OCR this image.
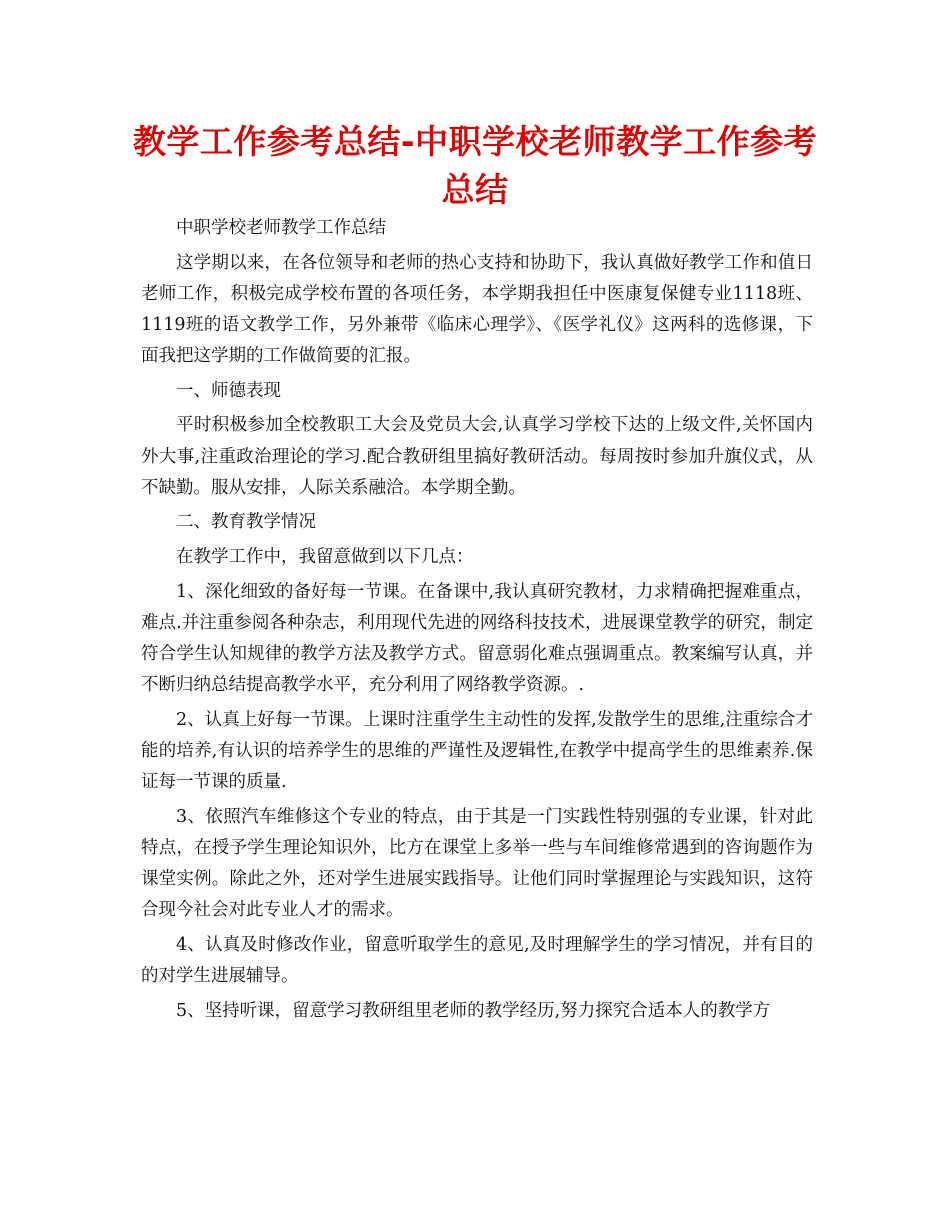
教学工作参考总结-中职学校老师教学工作参考总结

中职学校老师教学工作总结

这学期以来，在各位领导和老师的热心支持和协助下，我认真做好教学工作和值日老师工作，积极完成学校布置的各项任务，本学期我担任中医康复保健专业1118班、1119班的语文教学工作，另外兼带《临床心理学》、《医学礼仪》这两科的选修课，下面我把这学期的工作做简要的汇报。

一、师德表现

平时积极参加全校教职工大会及党员大会,认真学习学校下达的上级文件,关怀国内外大事,注重政治理论的学习.配合教研组里搞好教研活动。每周按时参加升旗仪式，从不缺勤。服从安排，人际关系融洽。本学期全勤。

二、教育教学情况

在教学工作中，我留意做到以下几点：

1、深化细致的备好每一节课。在备课中,我认真研究教材，力求精确把握难重点，难点.并注重参阅各种杂志，利用现代先进的网络科技技术，进展课堂教学的研究，制定符合学生认知规律的教学方法及教学方式。留意弱化难点强调重点。教案编写认真，并不断归纳总结提高教学水平，充分利用了网络教学资源。.

2、认真上好每一节课。上课时注重学生主动性的发挥,发散学生的思维,注重综合才能的培养,有认识的培养学生的思维的严谨性及逻辑性,在教学中提高学生的思维素养.保证每一节课的质量.

3、依照汽车维修这个专业的特点，由于其是一门实践性特别强的专业课，针对此特点，在授予学生理论知识外，比方在课堂上多举一些与车间维修常遇到的咨询题作为课堂实例。除此之外，还对学生进展实践指导。让他们同时掌握理论与实践知识，这符合现今社会对此专业人才的需求。

4、认真及时修改作业，留意听取学生的意见,及时理解学生的学习情况，并有目的的对学生进展辅导。

5、坚持听课，留意学习教研组里老师的教学经历,努力探究合适本人的教学方
